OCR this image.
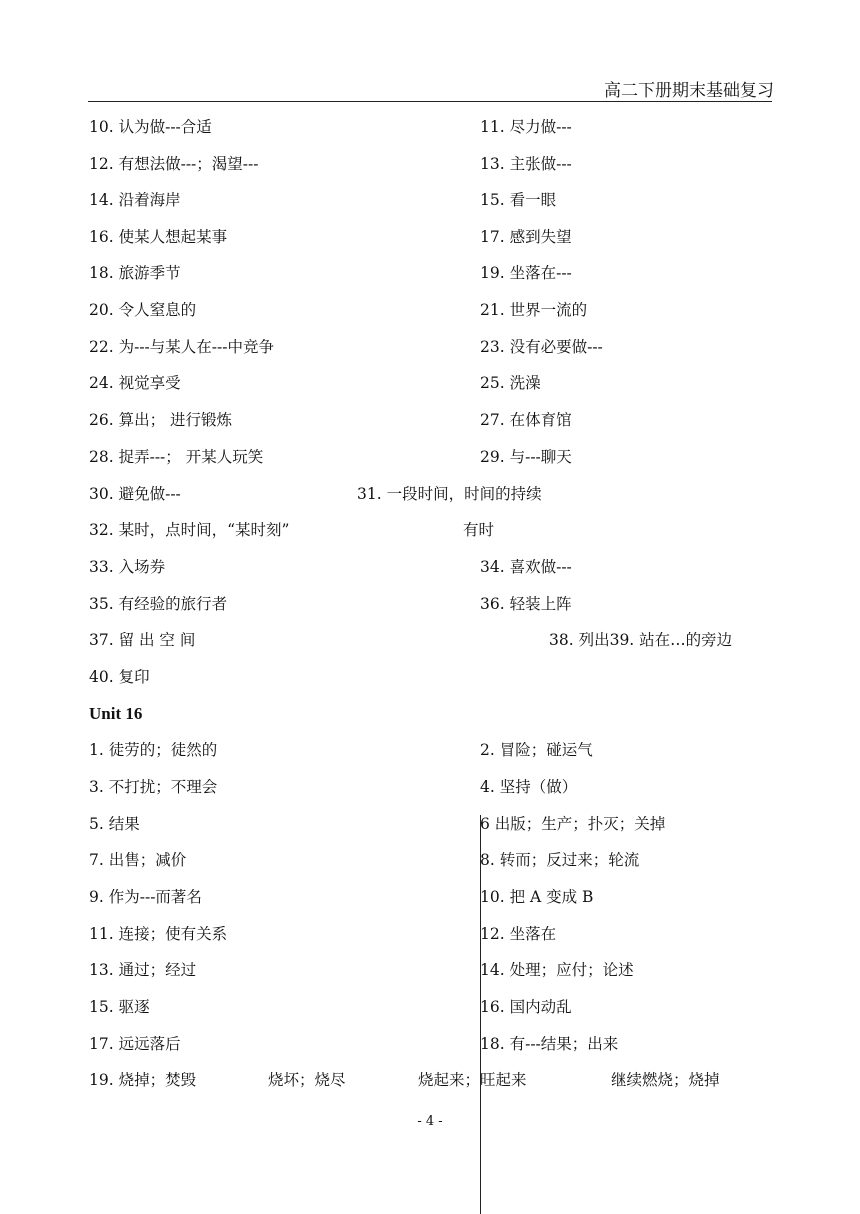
高二下册期末基础复习
10. 认为做---合适	11. 尽力做---
12. 有想法做---；渴望---	13. 主张做---
14. 沿着海岸	15. 看一眼
16. 使某人想起某事	17. 感到失望
18. 旅游季节	19. 坐落在---
20. 令人窒息的	21. 世界一流的
22. 为---与某人在---中竞争	23. 没有必要做---
24. 视觉享受	25. 洗澡
26. 算出； 进行锻炼	27. 在体育馆
28. 捉弄---； 开某人玩笑	29. 与---聊天
30. 避免做---	31. 一段时间，时间的持续
32. 某时，点时间，“某时刻”	有时
33. 入场券	34. 喜欢做---
35. 有经验的旅行者	36. 轻装上阵
37. 留 出 空 间	38. 列出39. 站在…的旁边
40. 复印
Unit 16
1. 徒劳的；徒然的	2. 冒险；碰运气
3. 不打扰；不理会	4. 坚持（做）
5. 结果	6 出版；生产；扑灭；关掉
7. 出售；减价	8. 转而；反过来；轮流
9. 作为---而著名	10. 把 A 变成 B
11. 连接；使有关系	12. 坐落在
13. 通过；经过	14. 处理；应付；论述
15. 驱逐	16. 国内动乱
17. 远远落后	18. 有---结果；出来
19. 烧掉；焚毁	烧坏；烧尽	烧起来；旺起来	继续燃烧；烧掉
- 4 -
